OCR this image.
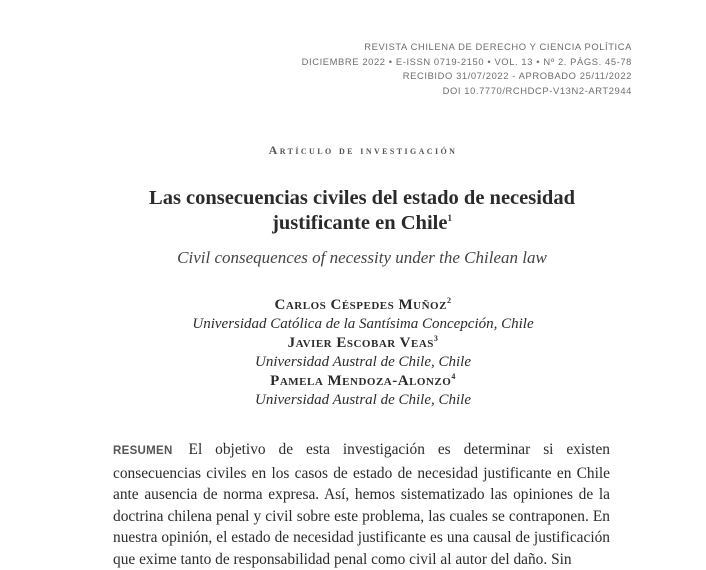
REVISTA CHILENA DE DERECHO Y CIENCIA POLÍTICA
DICIEMBRE 2022 • E-ISSN 0719-2150 • VOL. 13 • Nº 2. PÁGS. 45-78
RECIBIDO 31/07/2022 - APROBADO 25/11/2022
DOI 10.7770/RCHDCP-V13N2-ART2944
Artículo de investigación
Las consecuencias civiles del estado de necesidad
justificante en Chile$^1$
Civil consequences of necessity under the Chilean law
Carlos Céspedes Muñoz$^2$
Universidad Católica de la Santísima Concepción, Chile
Javier Escobar Veas$^3$
Universidad Austral de Chile, Chile
Pamela Mendoza-Alonzo$^4$
Universidad Austral de Chile, Chile
RESUMEN El objetivo de esta investigación es determinar si existen consecuencias civiles en los casos de estado de necesidad justificante en Chile ante ausencia de norma expresa. Así, hemos sistematizado las opiniones de la doctrina chilena penal y civil sobre este problema, las cuales se contraponen. En nuestra opinión, el estado de necesidad justificante es una causal de justificación que exime tanto de responsabilidad penal como civil al autor del daño. Sin
